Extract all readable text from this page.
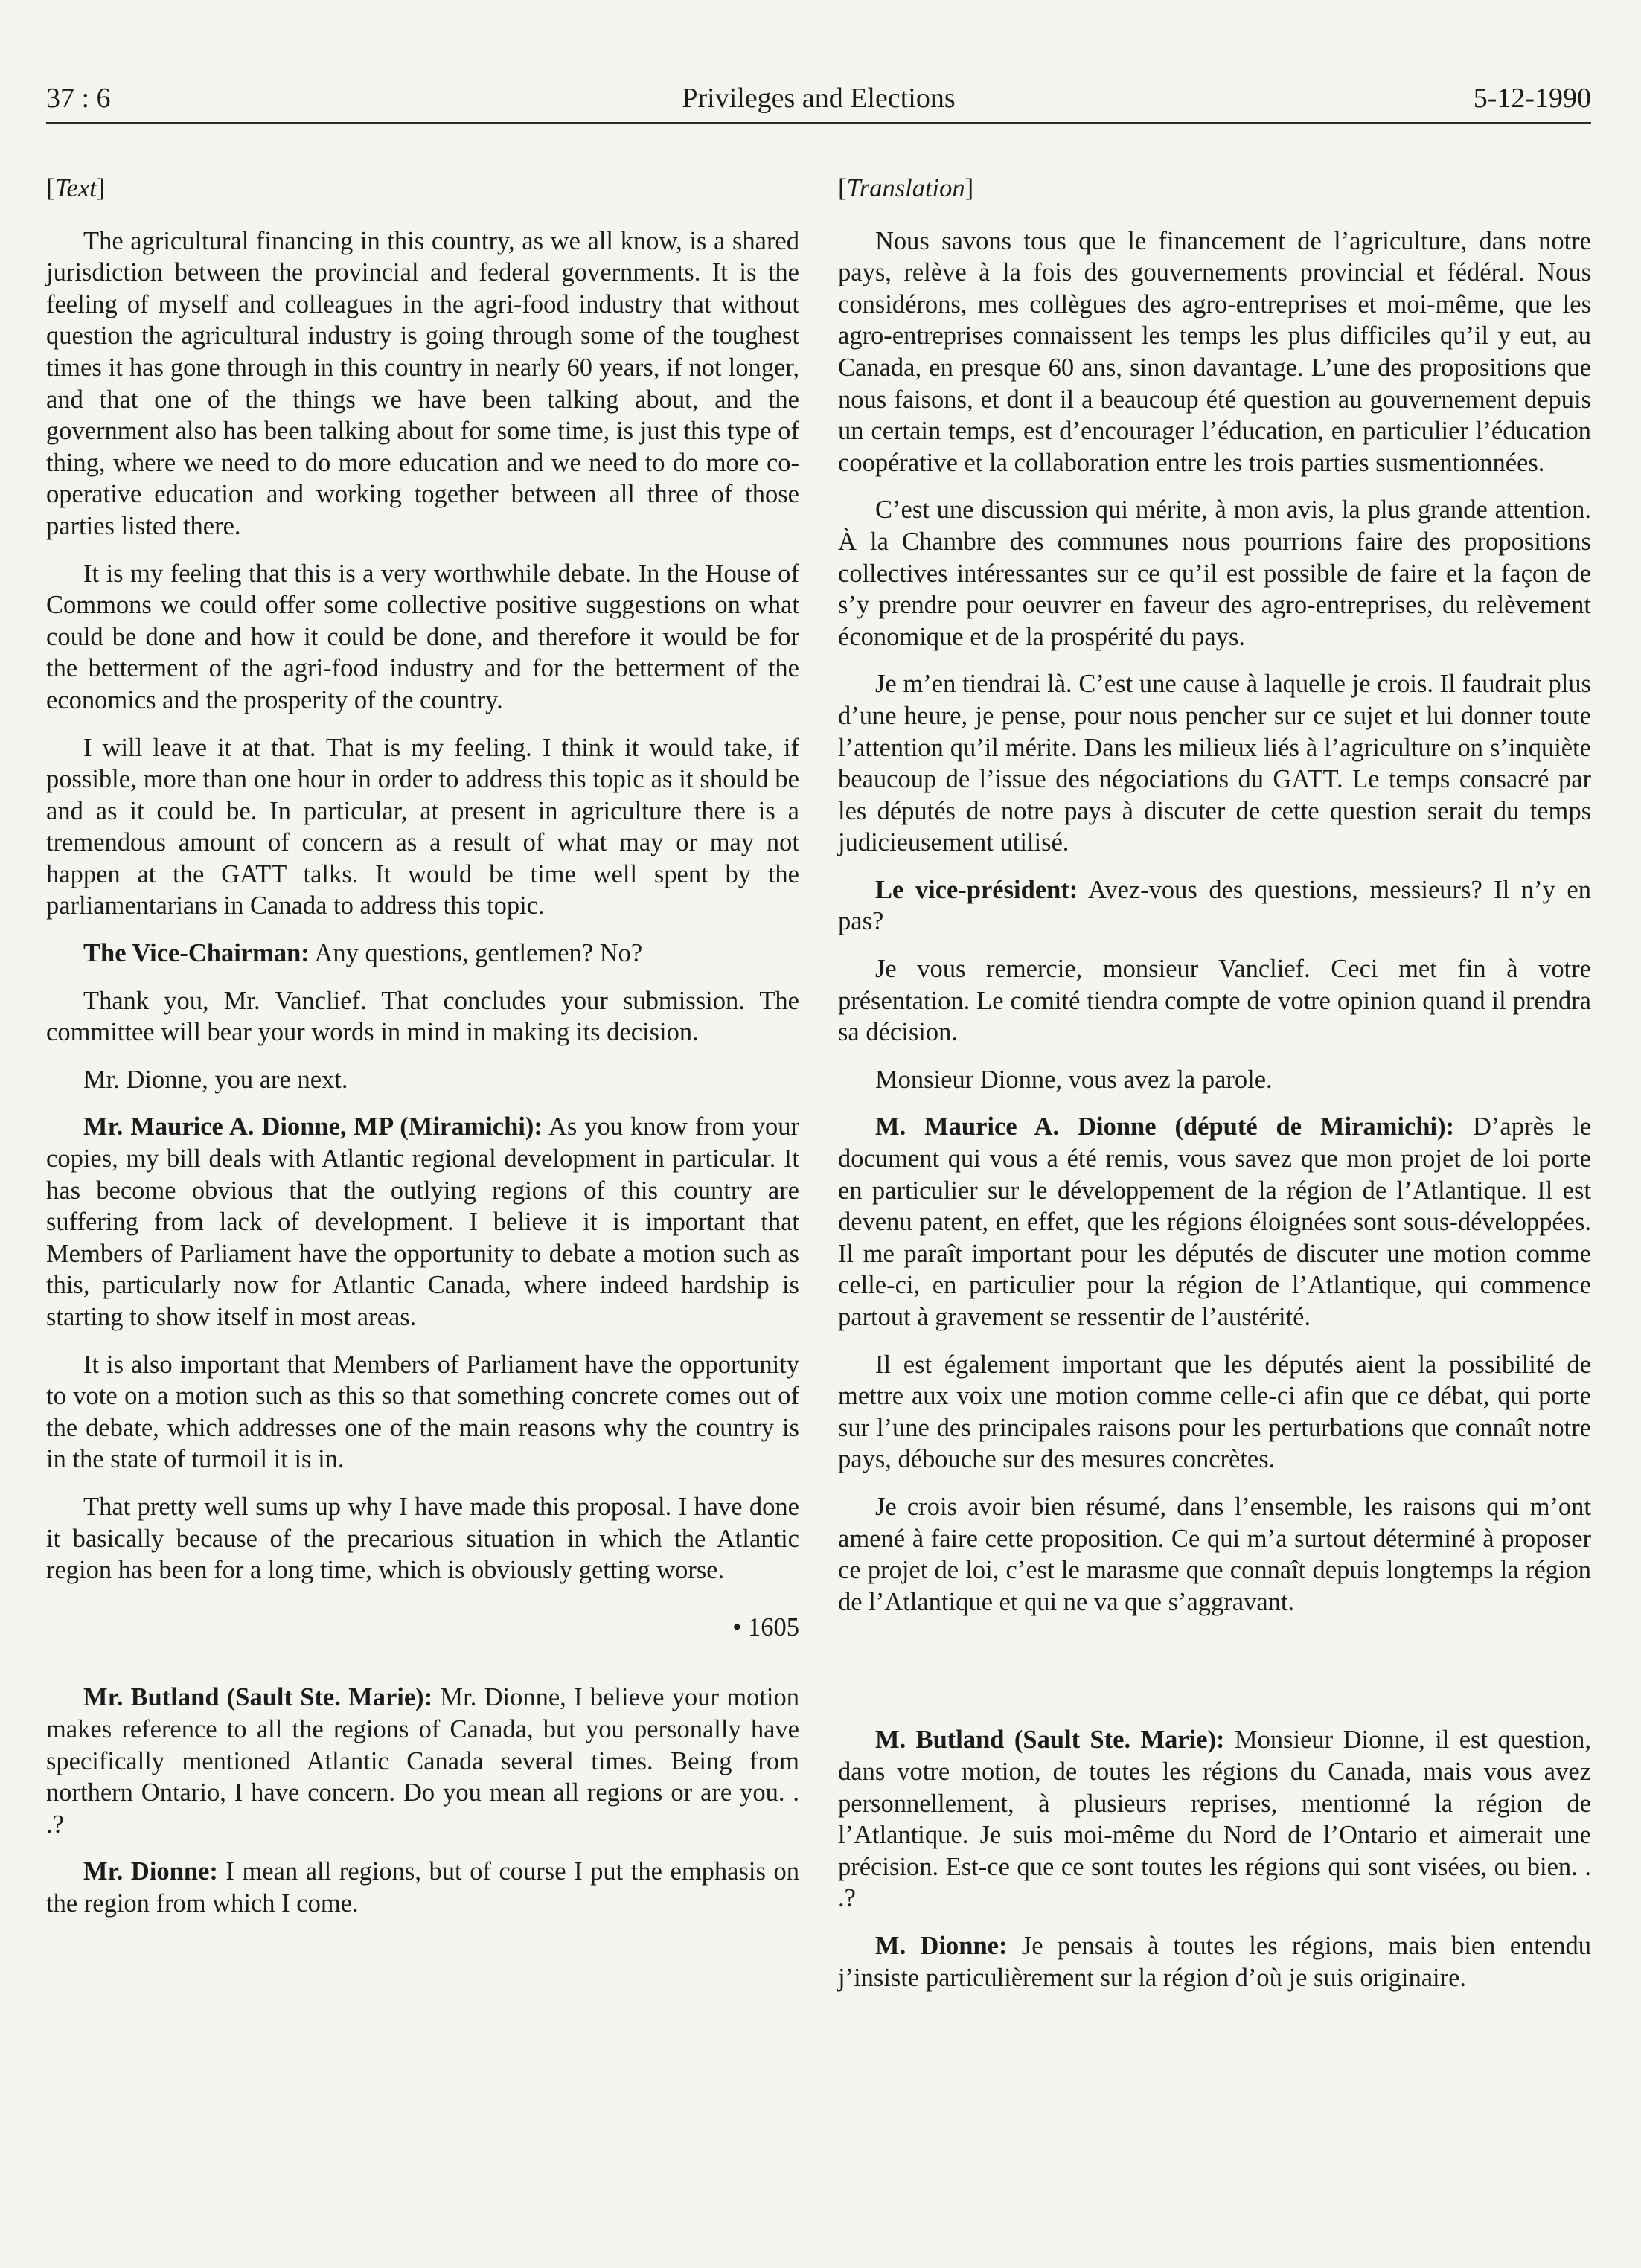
37 : 6	Privileges and Elections	5-12-1990

[Text]

The agricultural financing in this country, as we all know, is a shared jurisdiction between the provincial and federal governments. It is the feeling of myself and colleagues in the agri-food industry that without question the agricultural industry is going through some of the toughest times it has gone through in this country in nearly 60 years, if not longer, and that one of the things we have been talking about, and the government also has been talking about for some time, is just this type of thing, where we need to do more education and we need to do more co-operative education and working together between all three of those parties listed there.

It is my feeling that this is a very worthwhile debate. In the House of Commons we could offer some collective positive suggestions on what could be done and how it could be done, and therefore it would be for the betterment of the agri-food industry and for the betterment of the economics and the prosperity of the country.

I will leave it at that. That is my feeling. I think it would take, if possible, more than one hour in order to address this topic as it should be and as it could be. In particular, at present in agriculture there is a tremendous amount of concern as a result of what may or may not happen at the GATT talks. It would be time well spent by the parliamentarians in Canada to address this topic.

The Vice-Chairman: Any questions, gentlemen? No?

Thank you, Mr. Vanclief. That concludes your submission. The committee will bear your words in mind in making its decision.

Mr. Dionne, you are next.

Mr. Maurice A. Dionne, MP (Miramichi): As you know from your copies, my bill deals with Atlantic regional development in particular. It has become obvious that the outlying regions of this country are suffering from lack of development. I believe it is important that Members of Parliament have the opportunity to debate a motion such as this, particularly now for Atlantic Canada, where indeed hardship is starting to show itself in most areas.

It is also important that Members of Parliament have the opportunity to vote on a motion such as this so that something concrete comes out of the debate, which addresses one of the main reasons why the country is in the state of turmoil it is in.

That pretty well sums up why I have made this proposal. I have done it basically because of the precarious situation in which the Atlantic region has been for a long time, which is obviously getting worse.

• 1605

Mr. Butland (Sault Ste. Marie): Mr. Dionne, I believe your motion makes reference to all the regions of Canada, but you personally have specifically mentioned Atlantic Canada several times. Being from northern Ontario, I have concern. Do you mean all regions or are you. . .?

Mr. Dionne: I mean all regions, but of course I put the emphasis on the region from which I come.

[Translation]

Nous savons tous que le financement de l’agriculture, dans notre pays, relève à la fois des gouvernements provincial et fédéral. Nous considérons, mes collègues des agro-entreprises et moi-même, que les agro-entreprises connaissent les temps les plus difficiles qu’il y eut, au Canada, en presque 60 ans, sinon davantage. L’une des propositions que nous faisons, et dont il a beaucoup été question au gouvernement depuis un certain temps, est d’encourager l’éducation, en particulier l’éducation coopérative et la collaboration entre les trois parties susmentionnées.

C’est une discussion qui mérite, à mon avis, la plus grande attention. À la Chambre des communes nous pourrions faire des propositions collectives intéressantes sur ce qu’il est possible de faire et la façon de s’y prendre pour oeuvrer en faveur des agro-entreprises, du relèvement économique et de la prospérité du pays.

Je m’en tiendrai là. C’est une cause à laquelle je crois. Il faudrait plus d’une heure, je pense, pour nous pencher sur ce sujet et lui donner toute l’attention qu’il mérite. Dans les milieux liés à l’agriculture on s’inquiète beaucoup de l’issue des négociations du GATT. Le temps consacré par les députés de notre pays à discuter de cette question serait du temps judicieusement utilisé.

Le vice-président: Avez-vous des questions, messieurs? Il n’y en pas?

Je vous remercie, monsieur Vanclief. Ceci met fin à votre présentation. Le comité tiendra compte de votre opinion quand il prendra sa décision.

Monsieur Dionne, vous avez la parole.

M. Maurice A. Dionne (député de Miramichi): D’après le document qui vous a été remis, vous savez que mon projet de loi porte en particulier sur le développement de la région de l’Atlantique. Il est devenu patent, en effet, que les régions éloignées sont sous-développées. Il me paraît important pour les députés de discuter une motion comme celle-ci, en particulier pour la région de l’Atlantique, qui commence partout à gravement se ressentir de l’austérité.

Il est également important que les députés aient la possibilité de mettre aux voix une motion comme celle-ci afin que ce débat, qui porte sur l’une des principales raisons pour les perturbations que connaît notre pays, débouche sur des mesures concrètes.

Je crois avoir bien résumé, dans l’ensemble, les raisons qui m’ont amené à faire cette proposition. Ce qui m’a surtout déterminé à proposer ce projet de loi, c’est le marasme que connaît depuis longtemps la région de l’Atlantique et qui ne va que s’aggravant.

M. Butland (Sault Ste. Marie): Monsieur Dionne, il est question, dans votre motion, de toutes les régions du Canada, mais vous avez personnellement, à plusieurs reprises, mentionné la région de l’Atlantique. Je suis moi-même du Nord de l’Ontario et aimerait une précision. Est-ce que ce sont toutes les régions qui sont visées, ou bien. . .?

M. Dionne: Je pensais à toutes les régions, mais bien entendu j’insiste particulièrement sur la région d’où je suis originaire.
